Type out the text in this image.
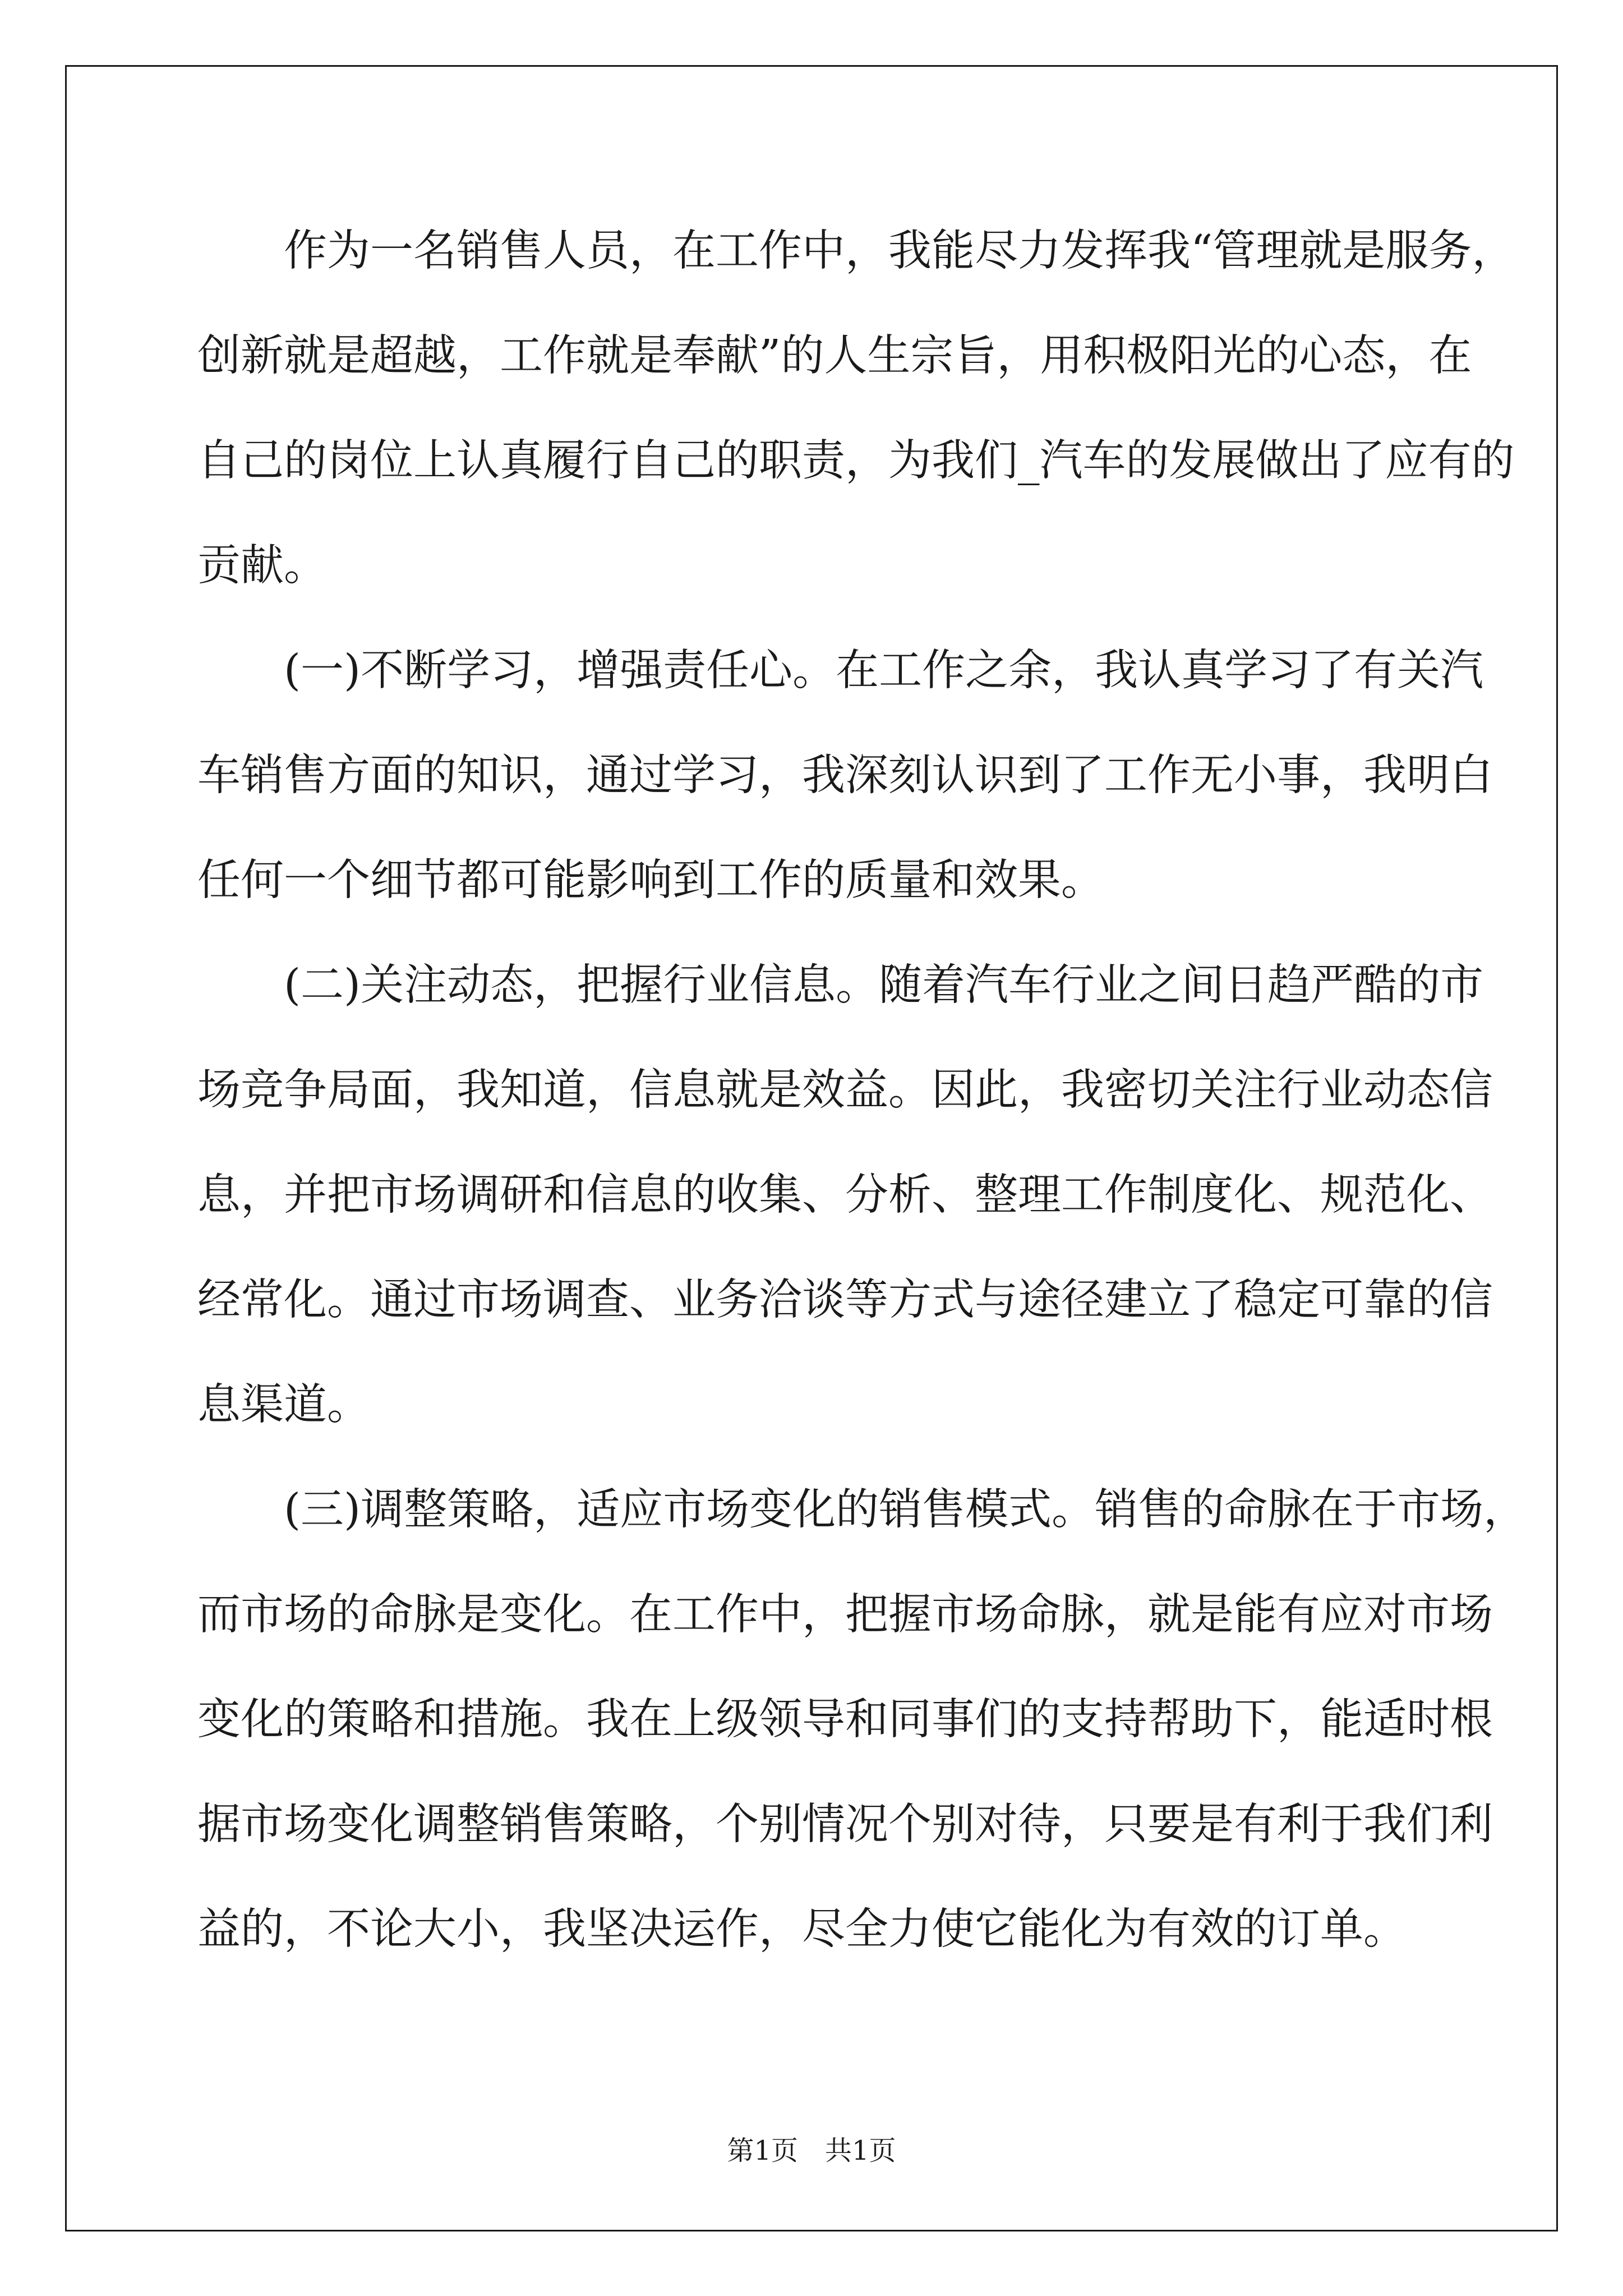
作为一名销售人员，在工作中，我能尽力发挥我“管理就是服务，
创新就是超越，工作就是奉献”的人生宗旨，用积极阳光的心态，在
自己的岗位上认真履行自己的职责，为我们_汽车的发展做出了应有的
贡献。
(一)不断学习，增强责任心。在工作之余，我认真学习了有关汽
车销售方面的知识，通过学习，我深刻认识到了工作无小事，我明白
任何一个细节都可能影响到工作的质量和效果。
(二)关注动态，把握行业信息。随着汽车行业之间日趋严酷的市
场竞争局面，我知道，信息就是效益。因此，我密切关注行业动态信
息，并把市场调研和信息的收集、分析、整理工作制度化、规范化、
经常化。通过市场调查、业务洽谈等方式与途径建立了稳定可靠的信
息渠道。
(三)调整策略，适应市场变化的销售模式。销售的命脉在于市场，
而市场的命脉是变化。在工作中，把握市场命脉，就是能有应对市场
变化的策略和措施。我在上级领导和同事们的支持帮助下，能适时根
据市场变化调整销售策略，个别情况个别对待，只要是有利于我们利
益的，不论大小，我坚决运作，尽全力使它能化为有效的订单。
第1页　共1页
